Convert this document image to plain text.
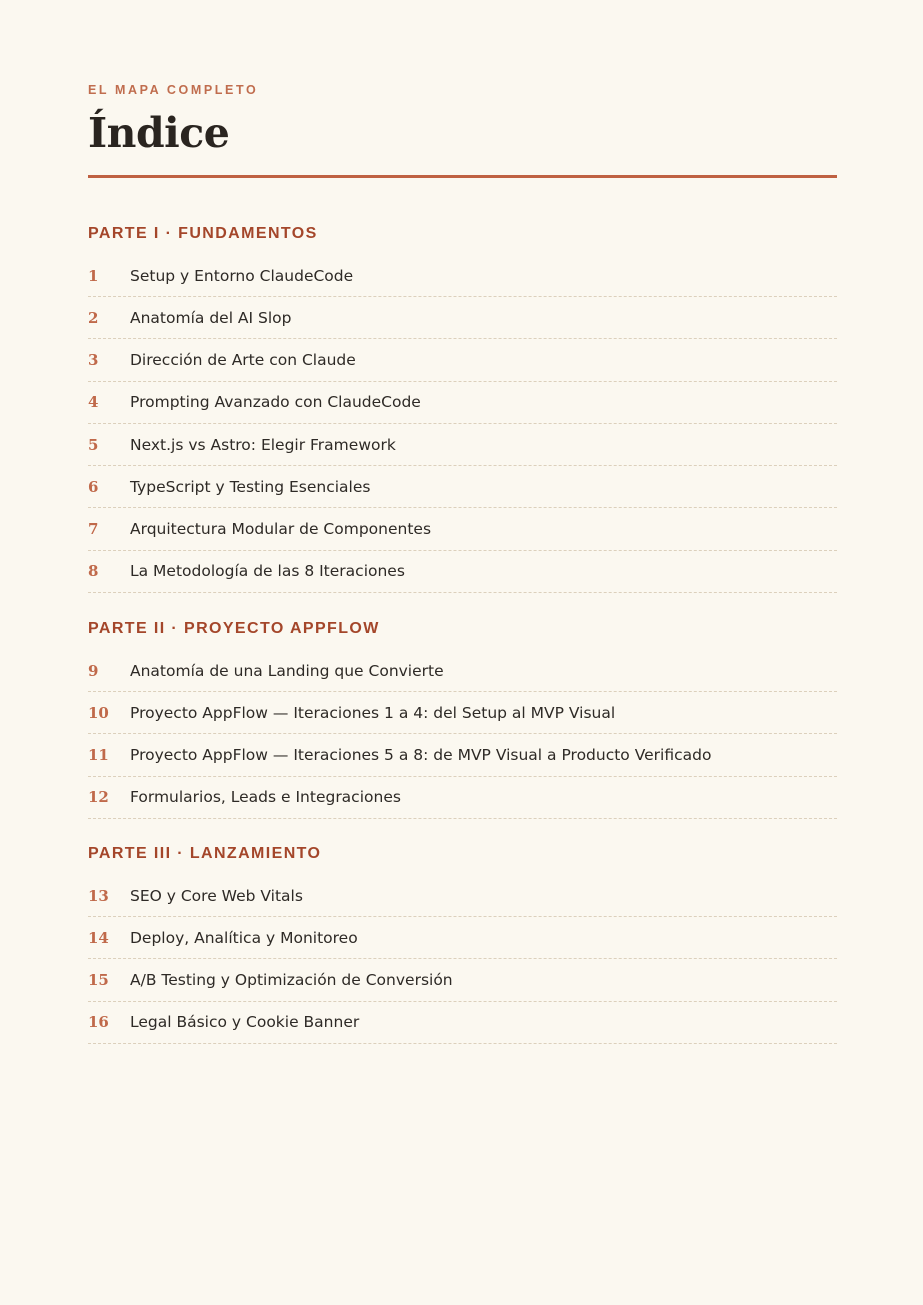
EL MAPA COMPLETO

Índice
PARTE I · FUNDAMENTOS
1	Setup y Entorno ClaudeCode
2	Anatomía del AI Slop
3	Dirección de Arte con Claude
4	Prompting Avanzado con ClaudeCode
5	Next.js vs Astro: Elegir Framework
6	TypeScript y Testing Esenciales
7	Arquitectura Modular de Componentes
8	La Metodología de las 8 Iteraciones
PARTE II · PROYECTO APPFLOW
9	Anatomía de una Landing que Convierte
10	Proyecto AppFlow — Iteraciones 1 a 4: del Setup al MVP Visual
11	Proyecto AppFlow — Iteraciones 5 a 8: de MVP Visual a Producto Verificado
12	Formularios, Leads e Integraciones
PARTE III · LANZAMIENTO
13	SEO y Core Web Vitals
14	Deploy, Analítica y Monitoreo
15	A/B Testing y Optimización de Conversión
16	Legal Básico y Cookie Banner
